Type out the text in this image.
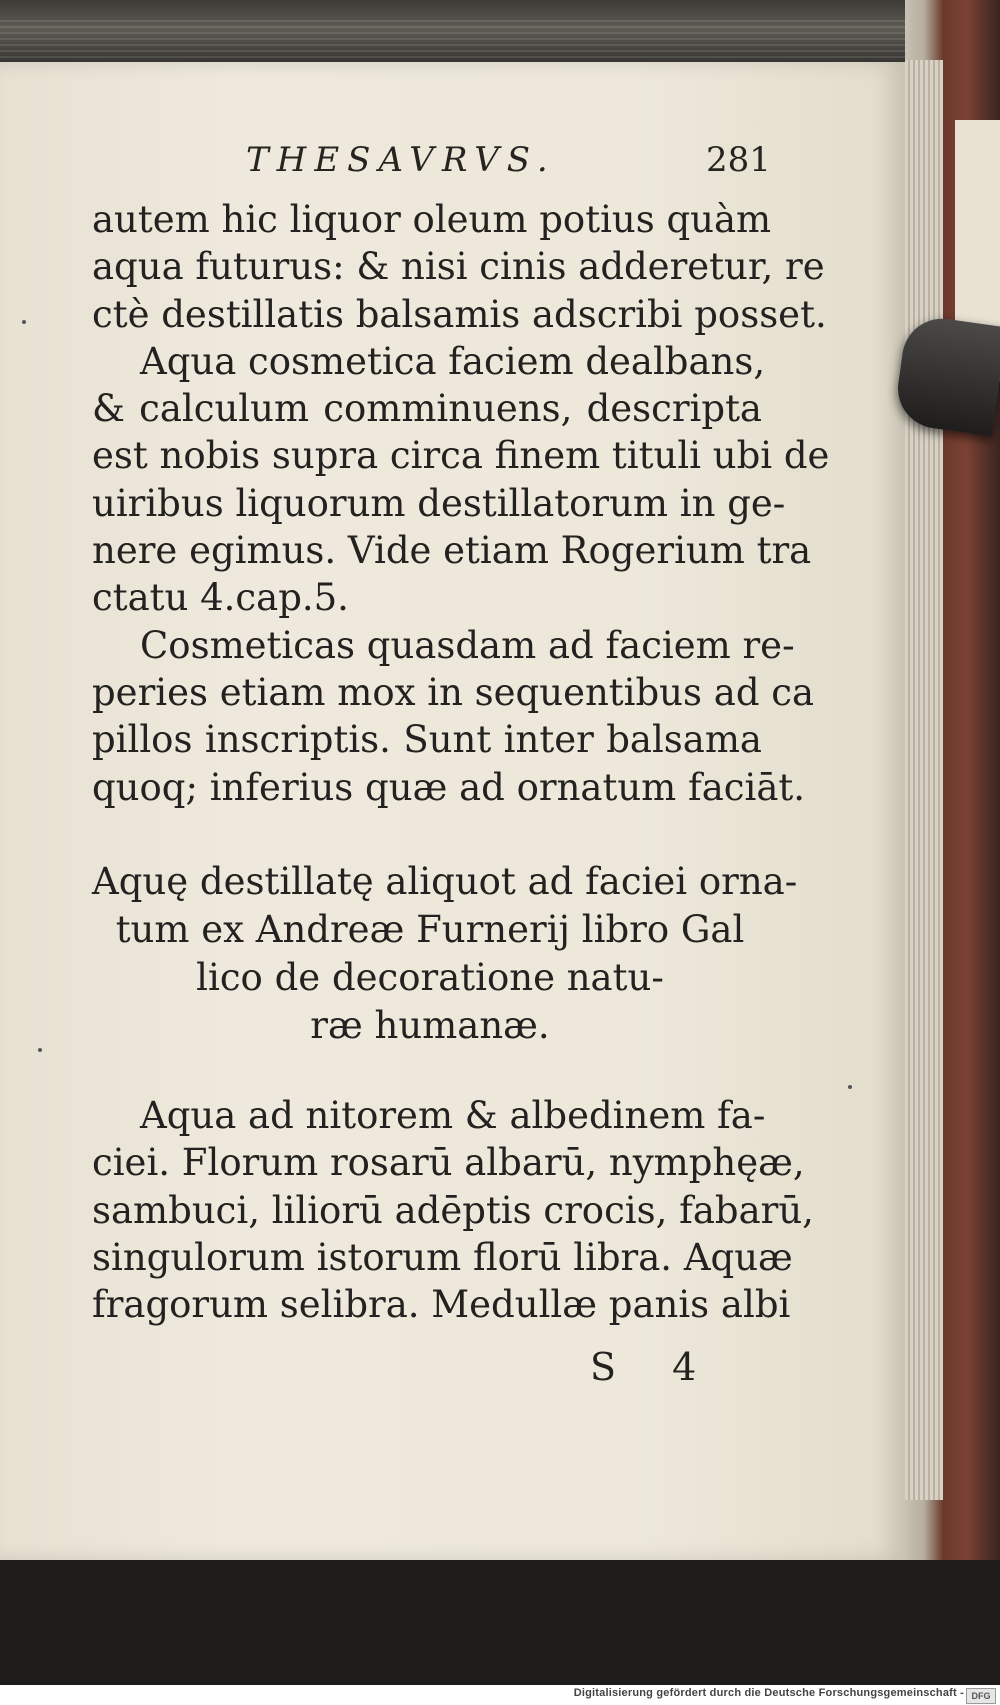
THESAVRVS.	281
autem hic liquor oleum potius quàm
aqua futurus: & nisi cinis adderetur, re
ctè destillatis balsamis adscribi posset.
Aqua cosmetica faciem dealbans,
& calculum comminuens, descripta
est nobis supra circa finem tituli ubi de
uiribus liquorum destillatorum in ge-
nere egimus. Vide etiam Rogerium tra
ctatu 4.cap.5.
Cosmeticas quasdam ad faciem re-
peries etiam mox in sequentibus ad ca
pillos inscriptis. Sunt inter balsama
quoq; inferius quæ ad ornatum faciāt.
Aquę destillatę aliquot ad faciei orna-
tum ex Andreæ Furnerij libro Gal
lico de decoratione natu-
ræ humanæ.
Aqua ad nitorem & albedinem fa-
ciei. Florum rosarū albarū, nymphęæ,
sambuci, liliorū adēptis crocis, fabarū,
singulorum istorum florū libra. Aquæ
fragorum selibra. Medullæ panis albi
S 4
Digitalisierung gefördert durch die Deutsche Forschungsgemeinschaft - DFG
